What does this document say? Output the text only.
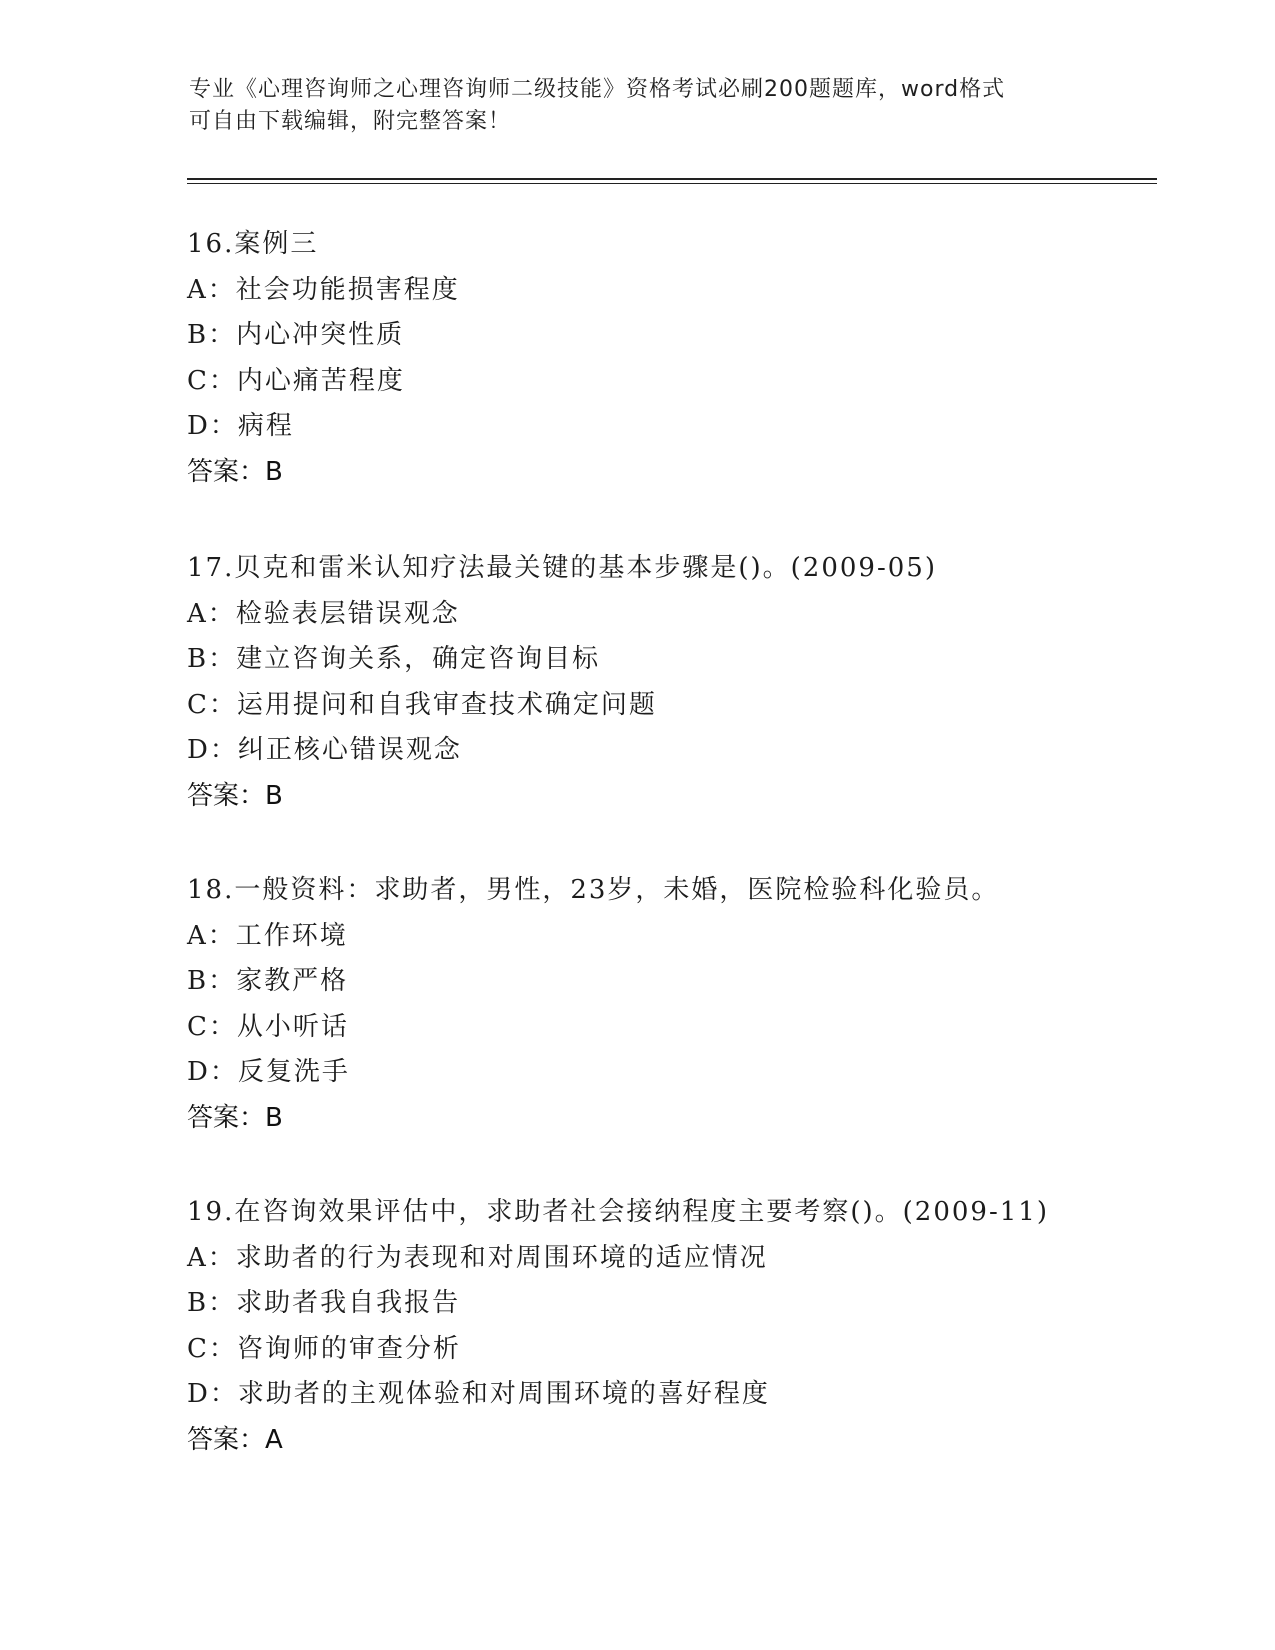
专业《心理咨询师之心理咨询师二级技能》资格考试必刷200题题库，word格式
可自由下载编辑，附完整答案！
16.案例三
A：社会功能损害程度
B：内心冲突性质
C：内心痛苦程度
D：病程
答案：B
17.贝克和雷米认知疗法最关键的基本步骤是()。(2009-05)
A：检验表层错误观念
B：建立咨询关系，确定咨询目标
C：运用提问和自我审查技术确定问题
D：纠正核心错误观念
答案：B
18.一般资料：求助者，男性，23岁，未婚，医院检验科化验员。
A：工作环境
B：家教严格
C：从小听话
D：反复洗手
答案：B
19.在咨询效果评估中，求助者社会接纳程度主要考察()。(2009-11)
A：求助者的行为表现和对周围环境的适应情况
B：求助者我自我报告
C：咨询师的审查分析
D：求助者的主观体验和对周围环境的喜好程度
答案：A
